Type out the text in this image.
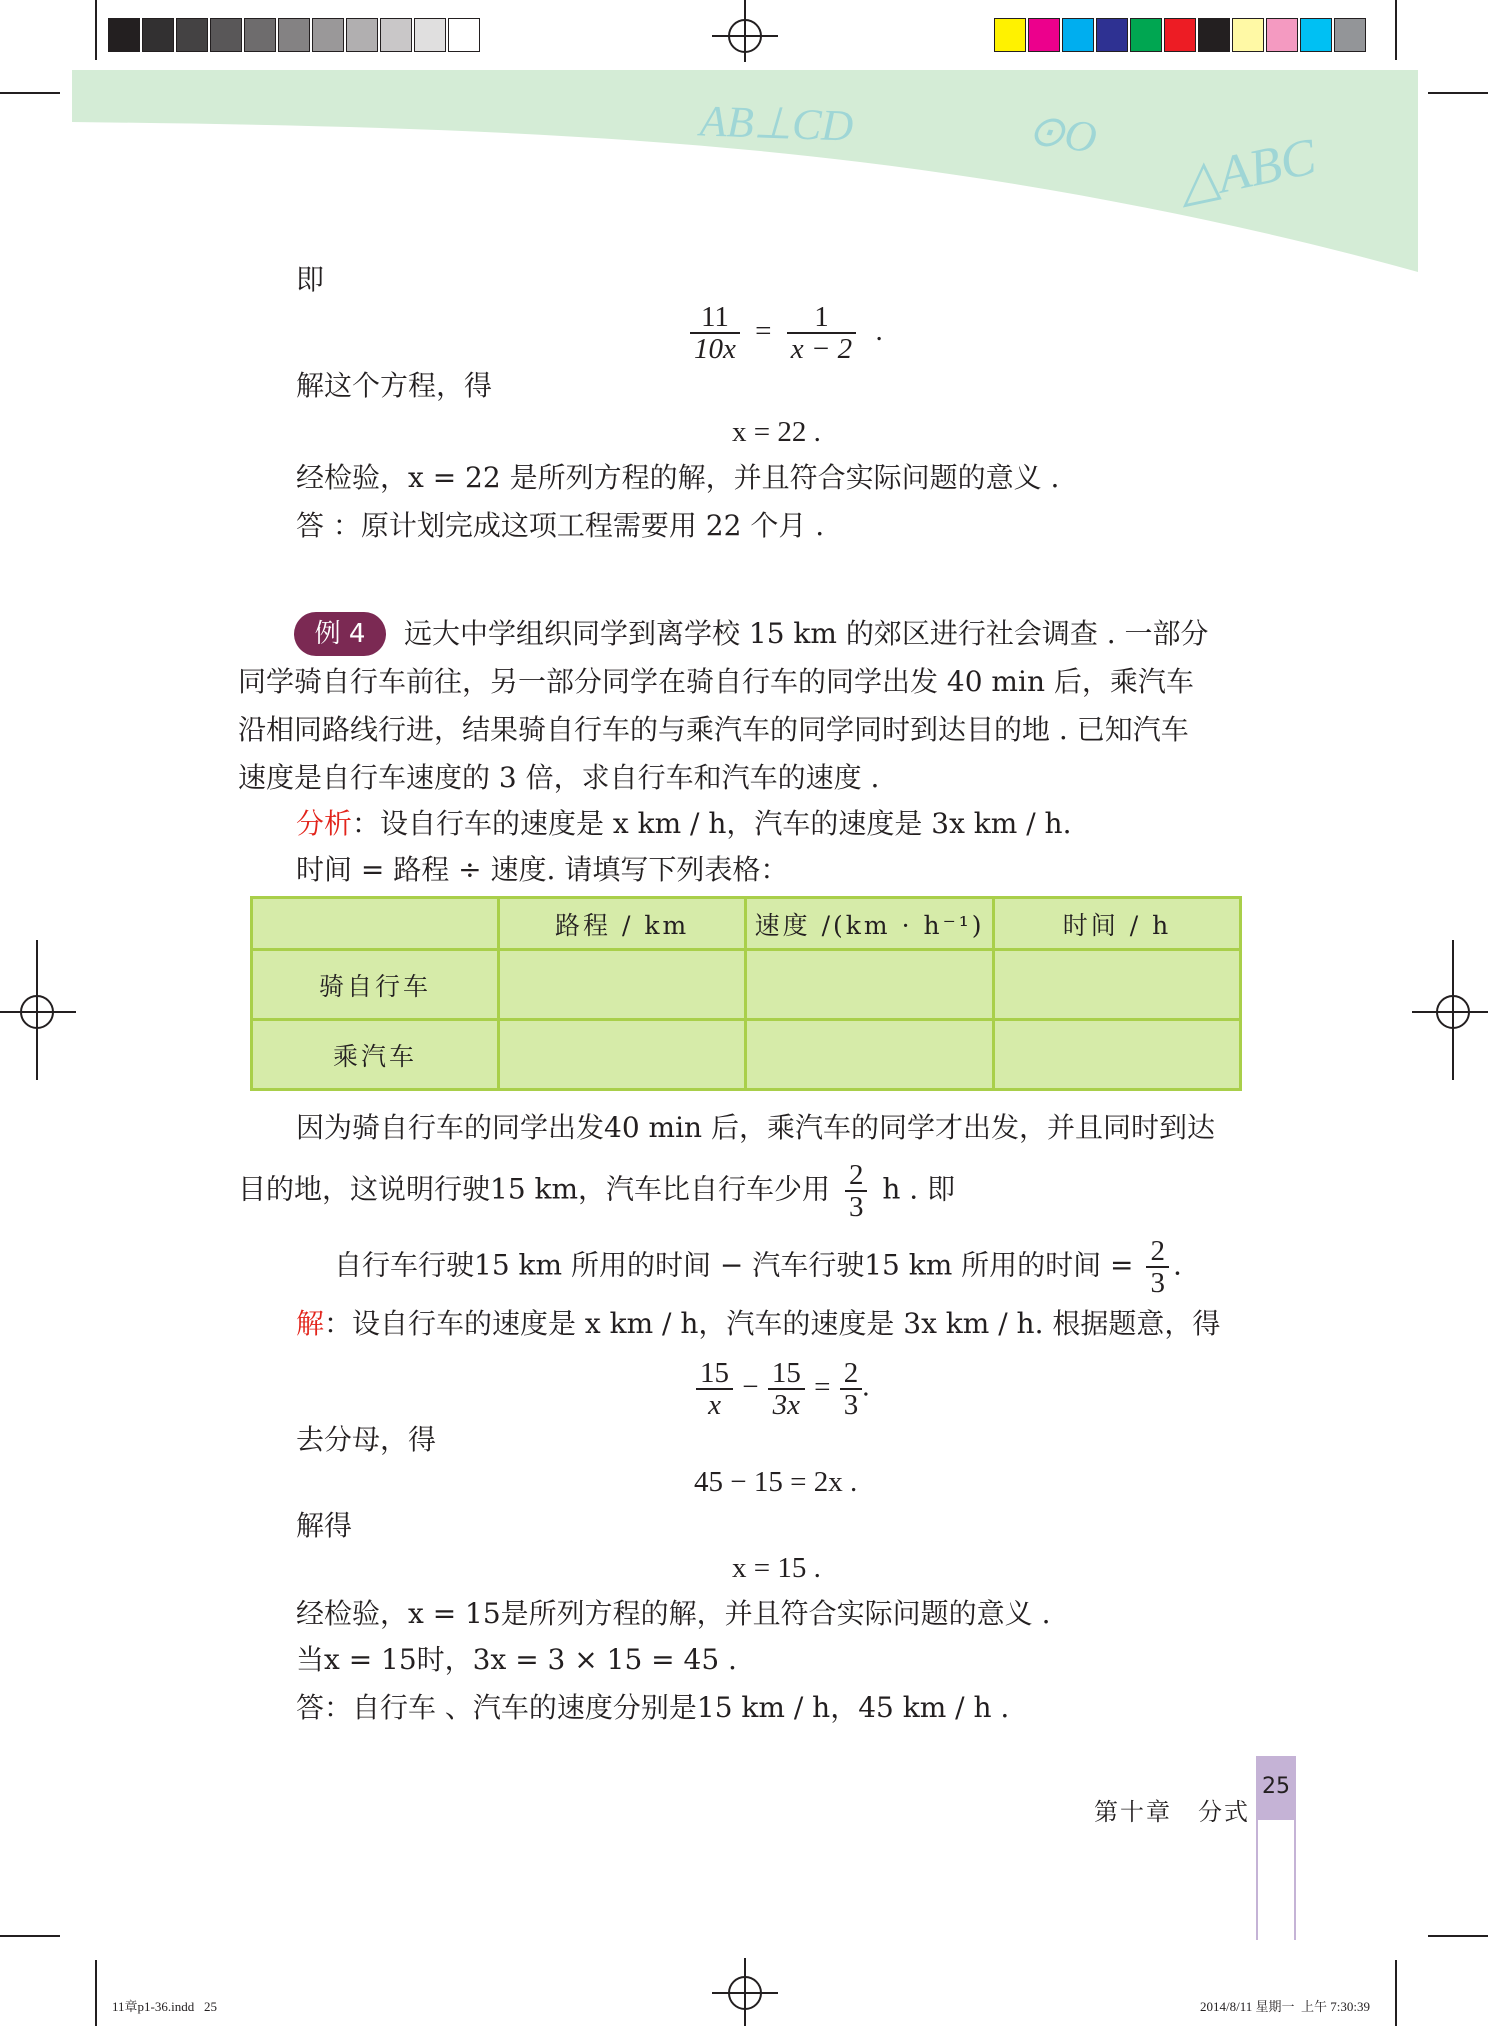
AB⊥CD	⊙O △ABC
即
$\frac{11}{10x} = \frac{1}{x - 2}$ .
解这个方程，得
x = 22 .
经检验，x = 22 是所列方程的解，并且符合实际问题的意义 .
答 ：原计划完成这项工程需要用 22 个月 .
例 4	远大中学组织同学到离学校 15 km 的郊区进行社会调查 . 一部分
同学骑自行车前往，另一部分同学在骑自行车的同学出发 40 min 后，乘汽车
沿相同路线行进，结果骑自行车的与乘汽车的同学同时到达目的地 . 已知汽车
速度是自行车速度的 3 倍，求自行车和汽车的速度 .
分析：设自行车的速度是 x km / h，汽车的速度是 3x km / h.
时间 = 路程 ÷ 速度. 请填写下列表格：
	路程 / km	速度 /(km · h⁻¹)	时间 / h
骑自行车			
乘汽车			
因为骑自行车的同学出发40 min 后，乘汽车的同学才出发，并且同时到达
目的地，这说明行驶15 km，汽车比自行车少用 $\frac{2}{3}$ h . 即
自行车行驶15 km 所用的时间 − 汽车行驶15 km 所用的时间 = $\frac{2}{3}$ .
解：设自行车的速度是 x km / h，汽车的速度是 3x km / h. 根据题意，得
$\frac{15}{x} - \frac{15}{3x} = \frac{2}{3}$ .
去分母，得
45 − 15 = 2x .
解得
x = 15 .
经检验，x = 15是所列方程的解，并且符合实际问题的意义 .
当x = 15时，3x = 3 × 15 = 45 .
答：自行车 、汽车的速度分别是15 km / h，45 km / h .
第十章　分式
25
11章p1-36.indd   25	2014/8/11 星期一  上午 7:30:39
